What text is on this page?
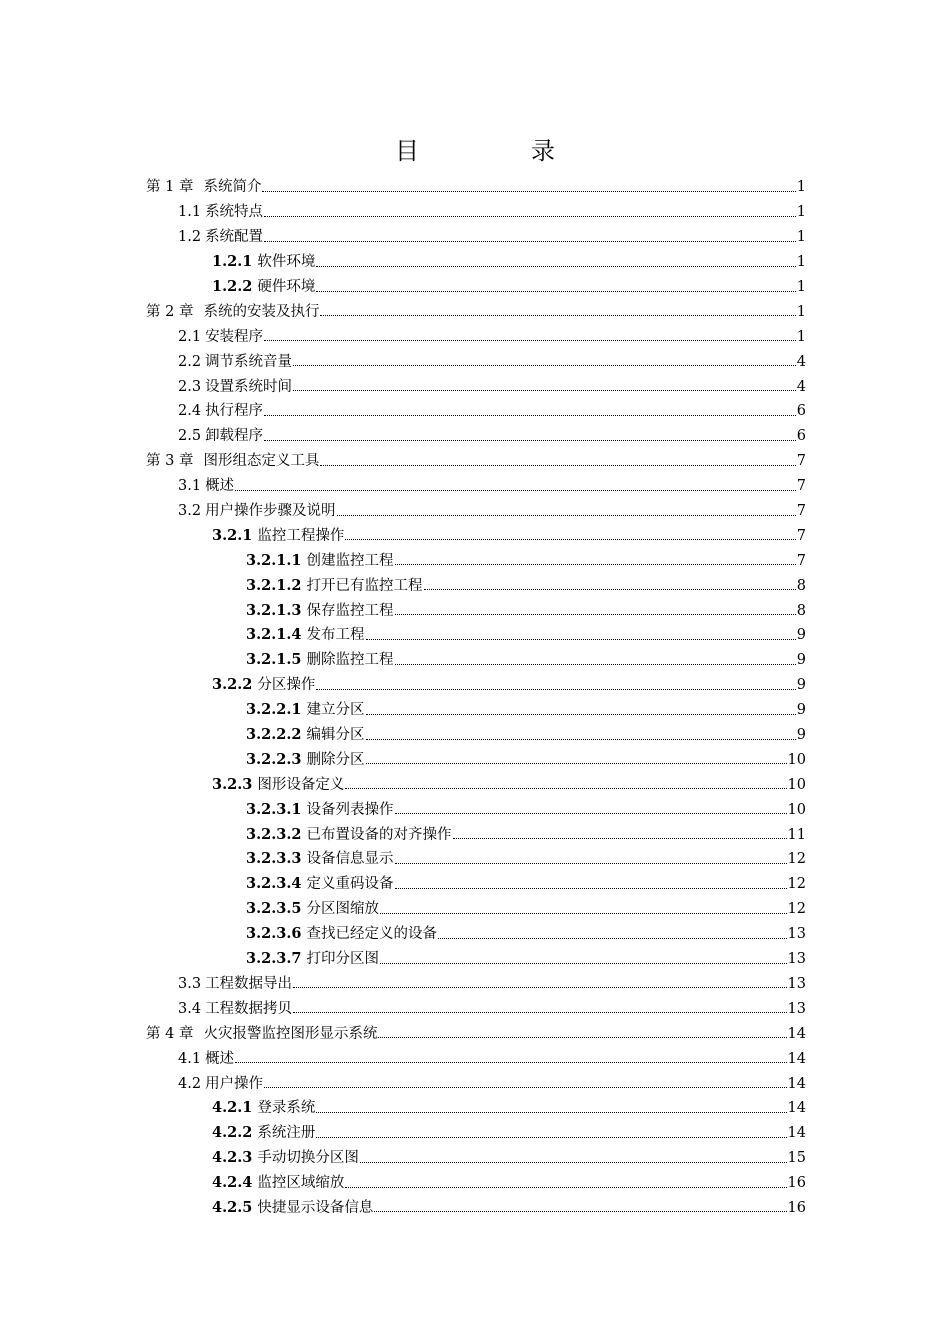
目　录
第 1 章 系统简介	1
1.1 系统特点	1
1.2 系统配置	1
1.2.1 软件环境	1
1.2.2 硬件环境	1
第 2 章 系统的安装及执行	1
2.1 安装程序	1
2.2 调节系统音量	4
2.3 设置系统时间	4
2.4 执行程序	6
2.5 卸载程序	6
第 3 章 图形组态定义工具	7
3.1 概述	7
3.2 用户操作步骤及说明	7
3.2.1 监控工程操作	7
3.2.1.1 创建监控工程	7
3.2.1.2 打开已有监控工程	8
3.2.1.3 保存监控工程	8
3.2.1.4 发布工程	9
3.2.1.5 删除监控工程	9
3.2.2 分区操作	9
3.2.2.1 建立分区	9
3.2.2.2 编辑分区	9
3.2.2.3 删除分区	10
3.2.3 图形设备定义	10
3.2.3.1 设备列表操作	10
3.2.3.2 已布置设备的对齐操作	11
3.2.3.3 设备信息显示	12
3.2.3.4 定义重码设备	12
3.2.3.5 分区图缩放	12
3.2.3.6 查找已经定义的设备	13
3.2.3.7 打印分区图	13
3.3 工程数据导出	13
3.4 工程数据拷贝	13
第 4 章 火灾报警监控图形显示系统	14
4.1 概述	14
4.2 用户操作	14
4.2.1 登录系统	14
4.2.2 系统注册	14
4.2.3 手动切换分区图	15
4.2.4 监控区域缩放	16
4.2.5 快捷显示设备信息	16
